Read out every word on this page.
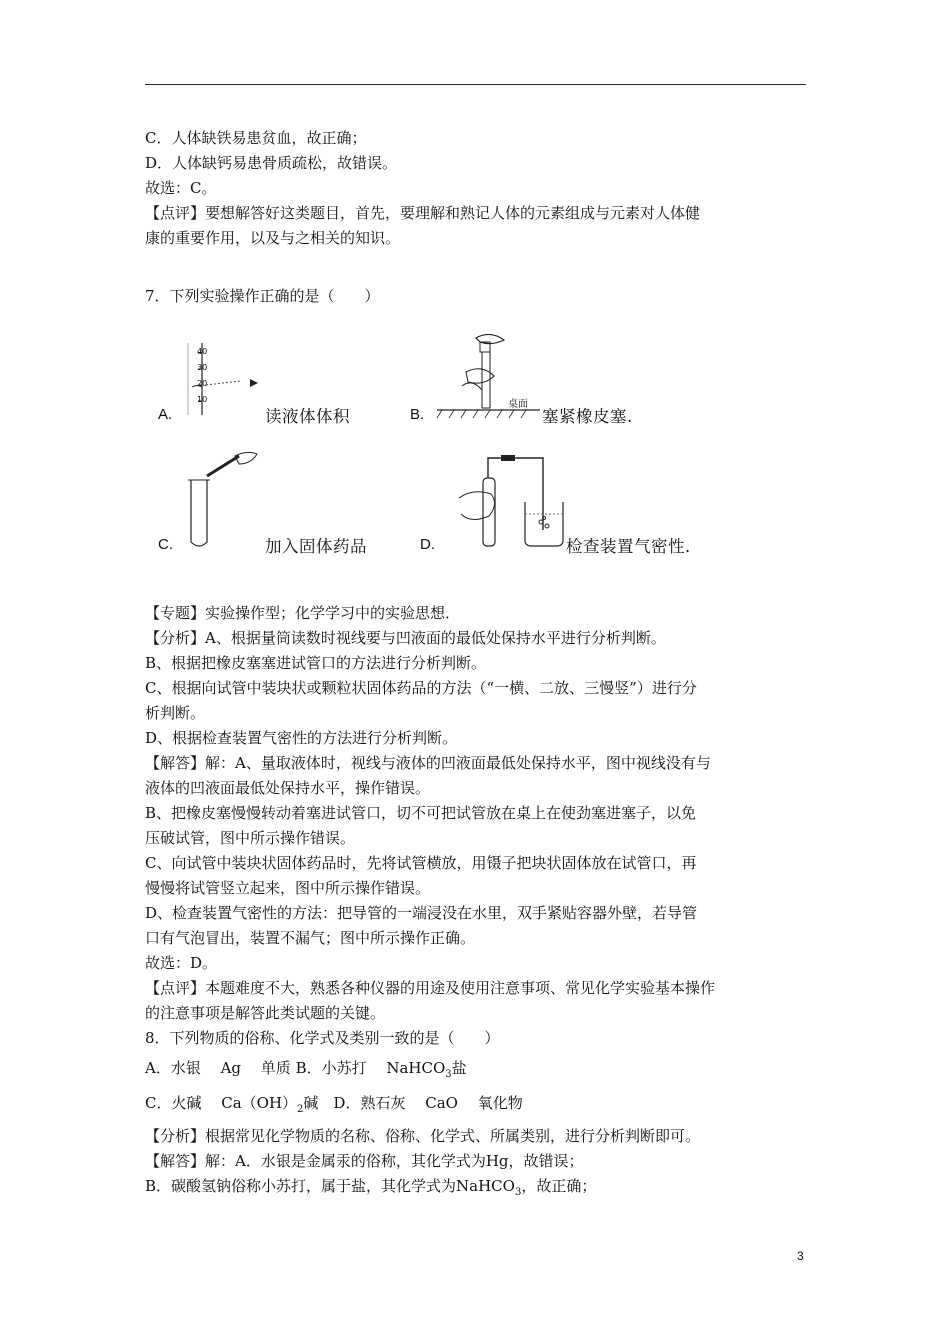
C．人体缺铁易患贫血，故正确；
D．人体缺钙易患骨质疏松，故错误。
故选：C。
【点评】要想解答好这类题目，首先，要理解和熟记人体的元素组成与元素对人体健
康的重要作用，以及与之相关的知识。
7．下列实验操作正确的是（　　）
A.
40
30
20
10
读液体体积	B.
桌面
塞紧橡皮塞.
C.	加入固体药品	D.	检查装置气密性.
【专题】实验操作型；化学学习中的实验思想．
【分析】A、根据量筒读数时视线要与凹液面的最低处保持水平进行分析判断。
B、根据把橡皮塞塞进试管口的方法进行分析判断。
C、根据向试管中装块状或颗粒状固体药品的方法（“一横、二放、三慢竖”）进行分
析判断。
D、根据检查装置气密性的方法进行分析判断。
【解答】解：A、量取液体时，视线与液体的凹液面最低处保持水平，图中视线没有与
液体的凹液面最低处保持水平，操作错误。
B、把橡皮塞慢慢转动着塞进试管口，切不可把试管放在桌上在使劲塞进塞子，以免
压破试管，图中所示操作错误。
C、向试管中装块状固体药品时，先将试管横放，用镊子把块状固体放在试管口，再
慢慢将试管竖立起来，图中所示操作错误。
D、检查装置气密性的方法：把导管的一端浸没在水里，双手紧贴容器外壁，若导管
口有气泡冒出，装置不漏气；图中所示操作正确。
故选：D。
【点评】本题难度不大，熟悉各种仪器的用途及使用注意事项、常见化学实验基本操作
的注意事项是解答此类试题的关键。
8．下列物质的俗称、化学式及类别一致的是（　　）
A．水银　 Ag　 单质 B．小苏打　 NaHCO$_3$盐
C．火碱　 $Ca(OH)_2$碱　D．熟石灰　 CaO　 氧化物
【分析】根据常见化学物质的名称、俗称、化学式、所属类别，进行分析判断即可。
【解答】解：A．水银是金属汞的俗称，其化学式为Hg，故错误；
B．碳酸氢钠俗称小苏打，属于盐，其化学式为NaHCO$_3$，故正确；
3
